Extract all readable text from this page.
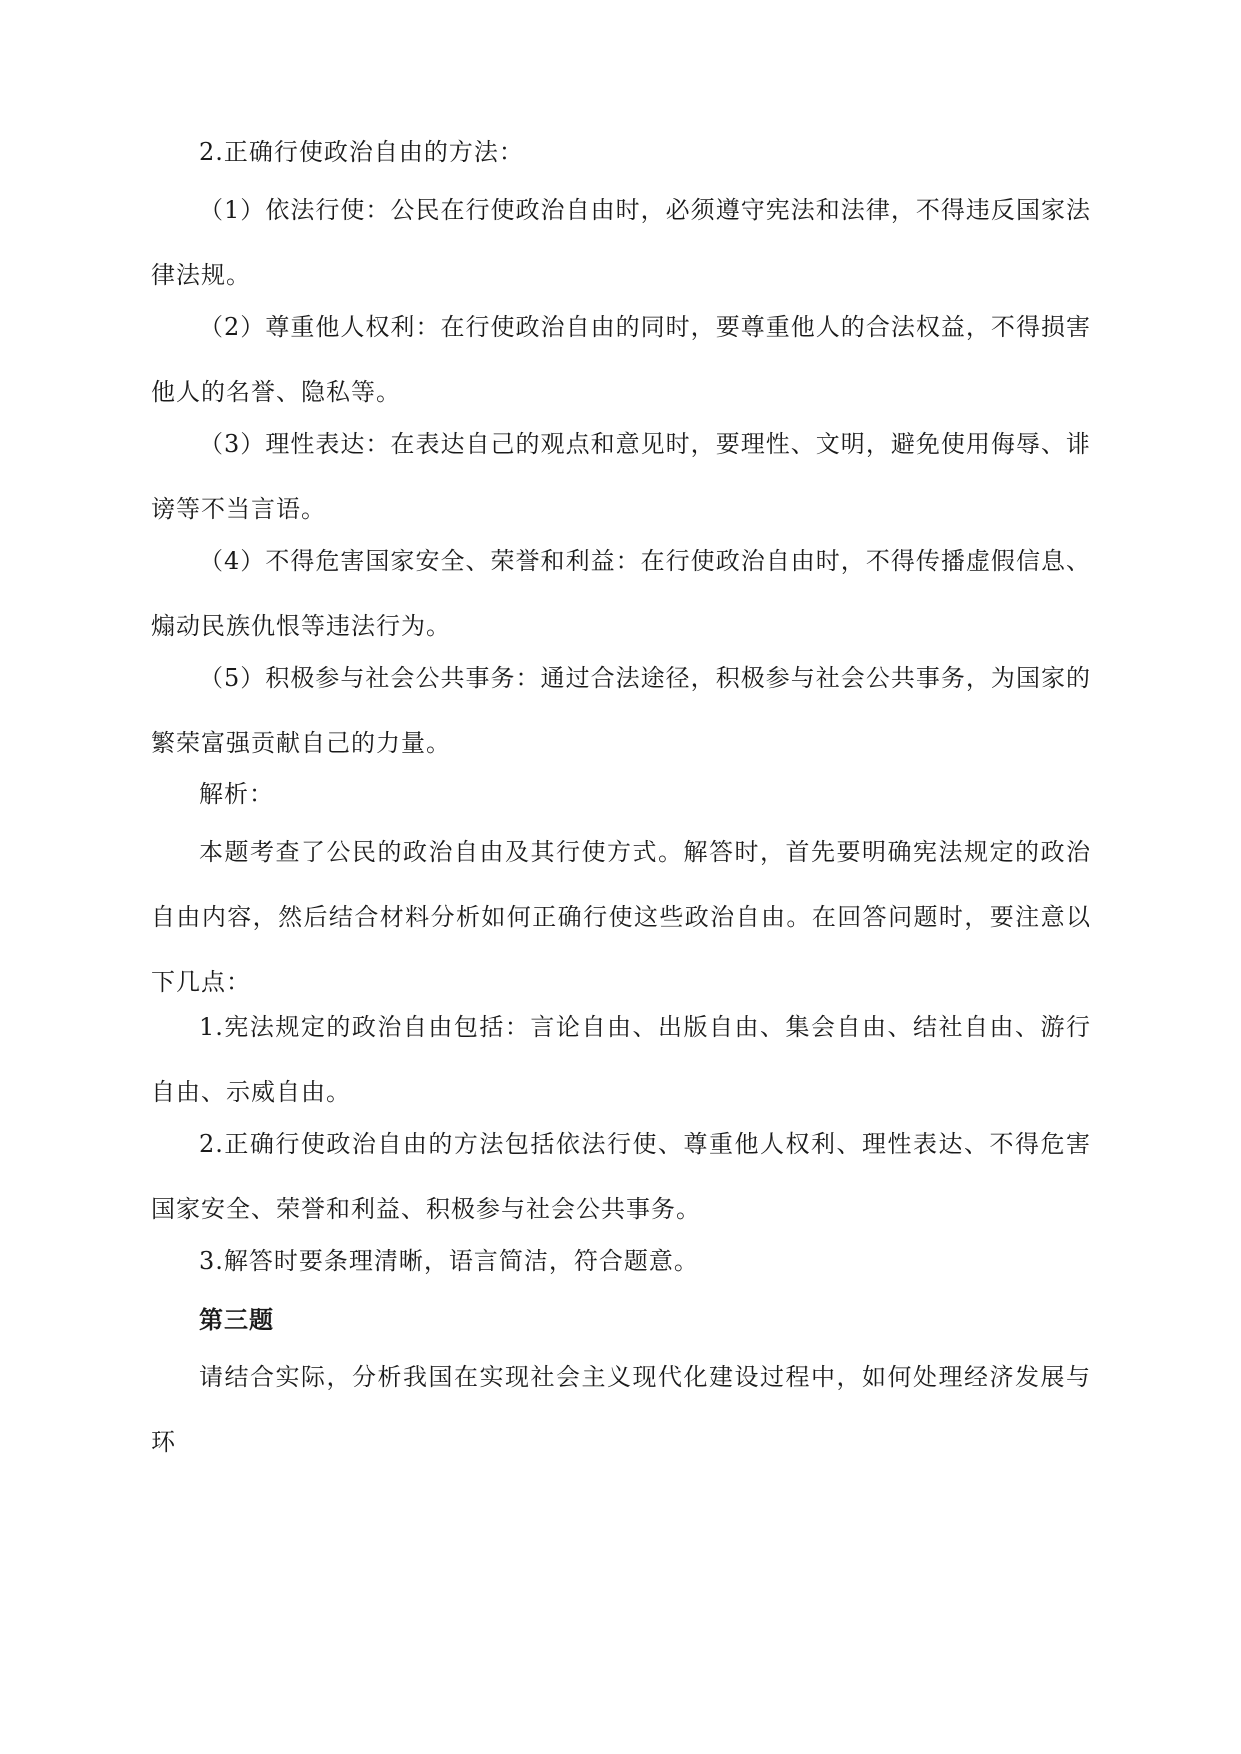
2.正确行使政治自由的方法：

（1）依法行使：公民在行使政治自由时，必须遵守宪法和法律，不得违反国家法律法规。

（2）尊重他人权利：在行使政治自由的同时，要尊重他人的合法权益，不得损害他人的名誉、隐私等。

（3）理性表达：在表达自己的观点和意见时，要理性、文明，避免使用侮辱、诽谤等不当言语。

（4）不得危害国家安全、荣誉和利益：在行使政治自由时，不得传播虚假信息、煽动民族仇恨等违法行为。

（5）积极参与社会公共事务：通过合法途径，积极参与社会公共事务，为国家的繁荣富强贡献自己的力量。

解析：

本题考查了公民的政治自由及其行使方式。解答时，首先要明确宪法规定的政治自由内容，然后结合材料分析如何正确行使这些政治自由。在回答问题时，要注意以下几点：

1.宪法规定的政治自由包括：言论自由、出版自由、集会自由、结社自由、游行自由、示威自由。

2.正确行使政治自由的方法包括依法行使、尊重他人权利、理性表达、不得危害国家安全、荣誉和利益、积极参与社会公共事务。

3.解答时要条理清晰，语言简洁，符合题意。

第三题

请结合实际，分析我国在实现社会主义现代化建设过程中，如何处理经济发展与环
